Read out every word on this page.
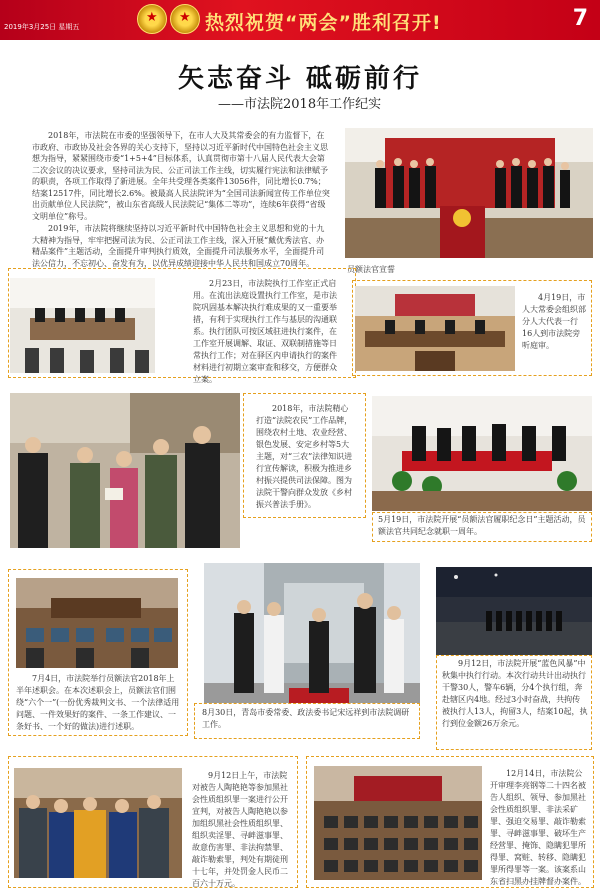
2019年3月25日 星期五 ★ ★	热烈祝贺“两会”胜利召开!	7
矢志奋斗 砥砺前行
——市法院2018年工作纪实

2018年，市法院在市委的坚强领导下，在市人大及其常委会的有力监督下，在市政府、市政协及社会各界的关心支持下，坚持以习近平新时代中国特色社会主义思想为指导，紧紧围绕市委“1+5+4”目标体系，认真贯彻市第十八届人民代表大会第二次会议的决议要求，坚持司法为民、公正司法工作主线，切实履行宪法和法律赋予的职责，各项工作取得了新进展。全年共受理各类案件13056件，同比增长0.7%；结案12517件，同比增长2.6%。被最高人民法院评为“全国司法新闻宣传工作单位突出贡献单位人民法院”，被山东省高级人民法院记“集体二等功”，连续6年获得“省级文明单位”称号。

2019年，市法院将继续坚持以习近平新时代中国特色社会主义思想和党的十九大精神为指导，牢牢把握司法为民、公正司法工作主线，深入开展“戴优秀法官、办精品案件”主题活动，全面提升审判执行质效，全面提升司法服务水平，全面提升司法公信力，不忘初心、奋发有为，以优异成绩迎接中华人民共和国成立70周年。

员额法官宣誓
2月23日，市法院执行工作室正式启用。在流出法庭设置执行工作室，是市法院巩固基本解决执行难成果的又一重要举措，有利于实现执行工作与基层的沟通联系。执行团队可按区域驻进执行案件，在工作室开展调解、取证、双联制措施等日常执行工作；对在驿区内申请执行的案件材料进行初期立案审查和移交，方便群众立案。
4月19日，市人大常委会组织部分人大代表一行16人到市法院旁听庭审。
2018年，市法院精心打造“法院农民”工作品牌，围绕农村土地、农业经营、银色发展、安定乡村等5大主题，对“三农”法律知识进行宣传解读，积极为推进乡村振兴提供司法保障。图为法院干警向群众发放《乡村振兴普法手册》。
5月19日，市法院开展“员额法官履职纪念日”主题活动，员额法官共同纪念就职一周年。
7月4日，市法院举行员额法官2018年上半年述职会。在本次述职会上，员额法官们围绕“六个一”(一份优秀裁判文书、一个法律适用问题、一件效果好的案件、一条工作建议、一条好书、一个好的做法)进行述职。
8月30日，青岛市委常委、政法委书记宋远祥到市法院调研工作。
9月12日，市法院开展“蓝色风暴”中秋集中执行行动。本次行动共计出动执行干警30人，警车6辆，分4个执行组，奔赴辖区内4地。经过3小时奋战，共拘传被执行人13人，拘留3人，结案10起，执行到位金额26万余元。
9月12日上午，市法院对被告人陶艳艳等参加黑社会性质组织罪一案进行公开宣判，对被告人陶艳艳以参加组织黑社会性质组织罪、组织卖淫罪、寻衅滋事罪、故意伤害罪、非法拘禁罪、敲诈勒索罪，判处有期徒刑十七年，并处罚金人民币二百六十万元。
12月14日，市法院公开审理李亮钢等二十四名被告人组织、领导、参加黑社会性质组织罪、非法采矿罪、强迫交易罪、敲诈勒索罪、寻衅滋事罪、破坏生产经营罪、掩饰、隐瞒犯罪所得罪、窝赃、转移、隐瞒犯罪所得罪等一案。该案系山东省扫黑办挂牌督办案件。
